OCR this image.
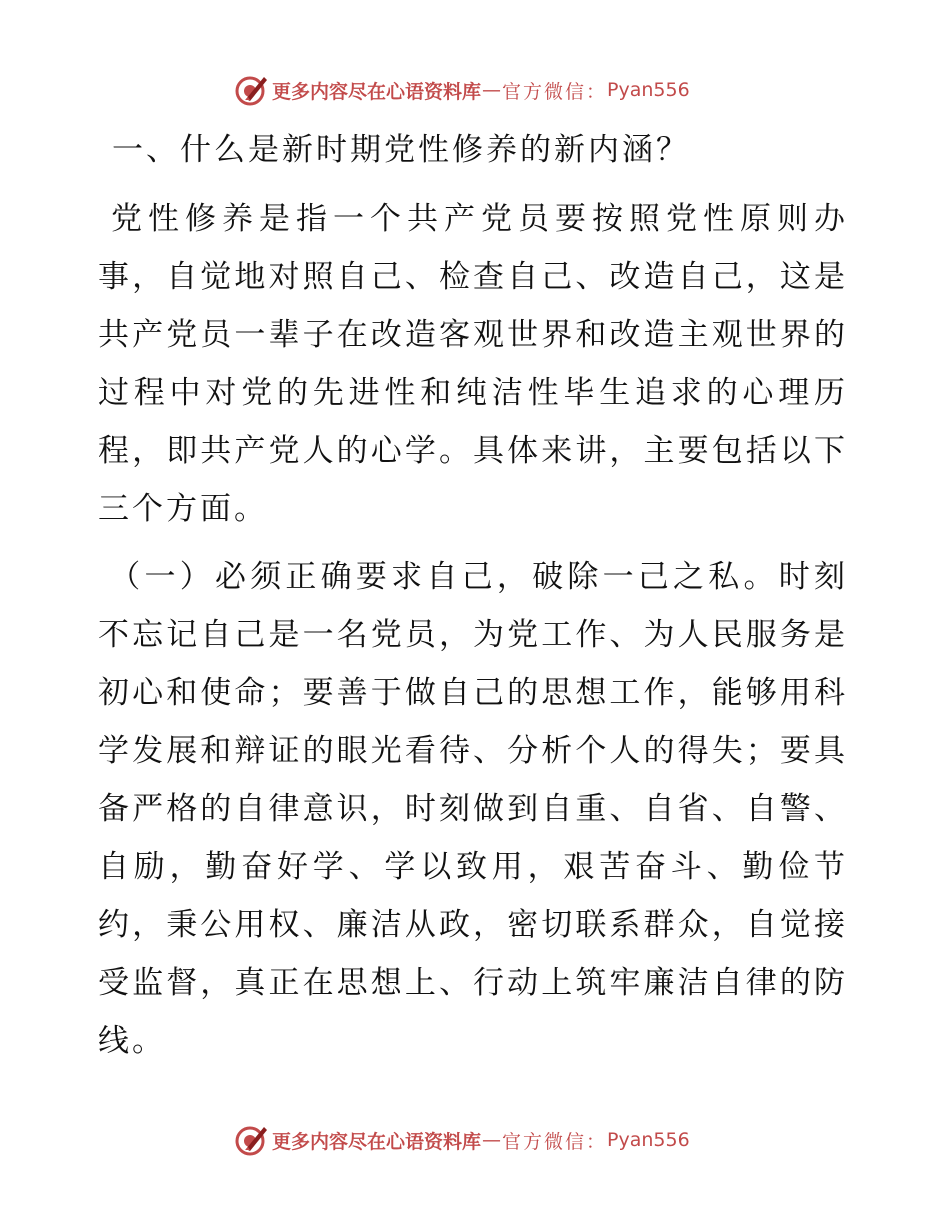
更多内容尽在心语资料库 — 官方微信： Pyan556
一、什么是新时期党性修养的新内涵？

党性修养是指一个共产党员要按照党性原则办事，自觉地对照自己、检查自己、改造自己，这是共产党员一辈子在改造客观世界和改造主观世界的过程中对党的先进性和纯洁性毕生追求的心理历程，即共产党人的心学。具体来讲，主要包括以下三个方面。

（一）必须正确要求自己，破除一己之私。时刻不忘记自己是一名党员，为党工作、为人民服务是初心和使命；要善于做自己的思想工作，能够用科学发展和辩证的眼光看待、分析个人的得失；要具备严格的自律意识，时刻做到自重、自省、自警、自励，勤奋好学、学以致用，艰苦奋斗、勤俭节约，秉公用权、廉洁从政，密切联系群众，自觉接受监督，真正在思想上、行动上筑牢廉洁自律的防线。

更多内容尽在心语资料库 — 官方微信： Pyan556
